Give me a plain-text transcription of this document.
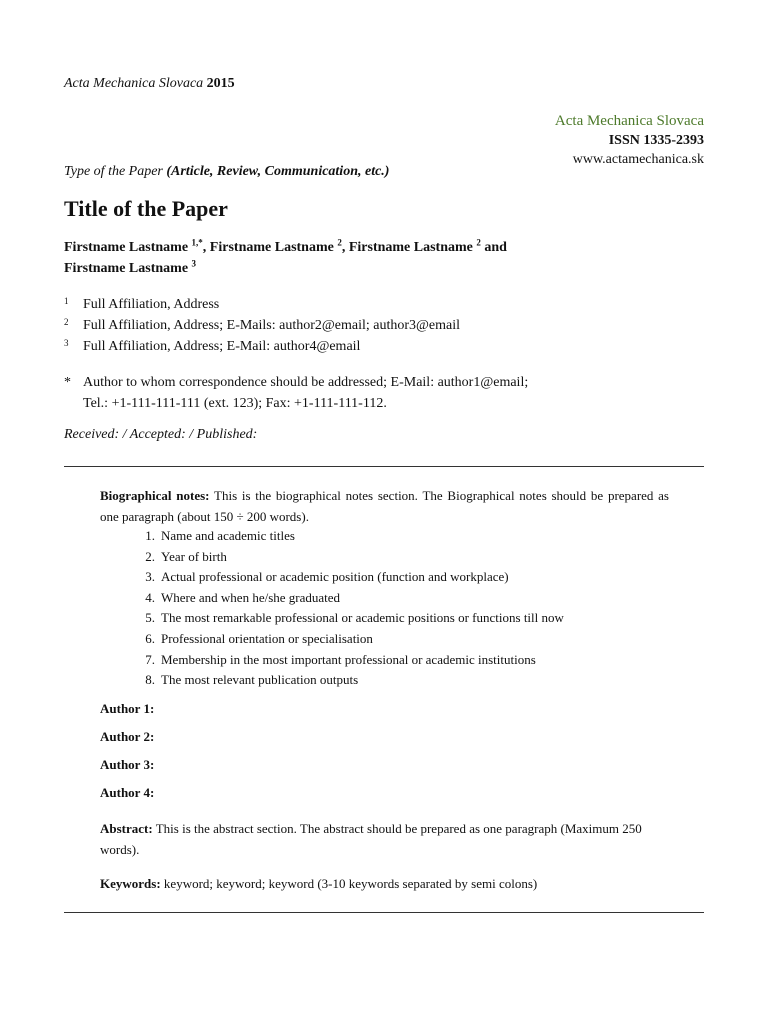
Acta Mechanica Slovaca 2015
Acta Mechanica Slovaca
ISSN 1335-2393
www.actamechanica.sk
Type of the Paper (Article, Review, Communication, etc.)
Title of the Paper
Firstname Lastname $^{1,*}$, Firstname Lastname $^2$, Firstname Lastname $^2$ and
Firstname Lastname $^3$
1	Full Affiliation, Address
2	Full Affiliation, Address; E-Mails: author2@email; author3@email
3	Full Affiliation, Address; E-Mail: author4@email
* Author to whom correspondence should be addressed; E-Mail: author1@email;
Tel.: +1-111-111-111 (ext. 123); Fax: +1-111-111-112.
Received: / Accepted: / Published:
Biographical notes: This is the biographical notes section. The Biographical notes should be prepared as one paragraph (about 150 ÷ 200 words).
1. Name and academic titles
2. Year of birth
3. Actual professional or academic position (function and workplace)
4. Where and when he/she graduated
5. The most remarkable professional or academic positions or functions till now
6. Professional orientation or specialisation
7. Membership in the most important professional or academic institutions
8. The most relevant publication outputs
Author 1:
Author 2:
Author 3:
Author 4:
Abstract: This is the abstract section. The abstract should be prepared as one paragraph (Maximum 250 words).
Keywords: keyword; keyword; keyword (3-10 keywords separated by semi colons)
